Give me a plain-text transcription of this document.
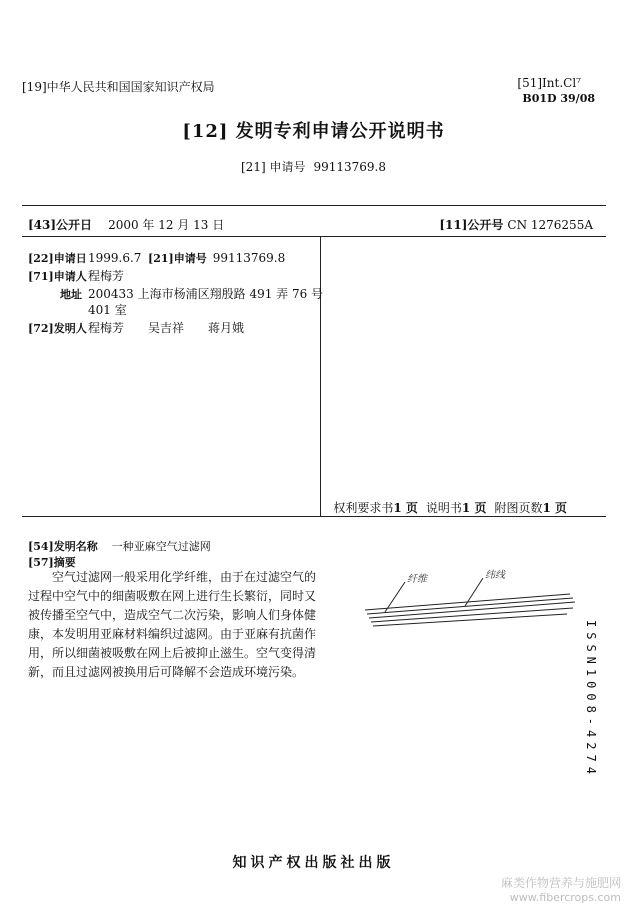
[19]中华人民共和国国家知识产权局	[51]Int.Cl⁷
B01D 39/08
[12] 发明专利申请公开说明书
[21] 申请号 99113769.8
[43]公开日 2000 年 12 月 13 日	[11]公开号 CN 1276255A
[22]申请日1999.6.7 [21]申请号 99113769.8
[71]申请人程梅芳
地址 200433 上海市杨浦区翔殷路 491 弄 76 号
401 室
[72]发明人程梅芳　　吴吉祥　　蒋月娥
权利要求书1 页 说明书1 页 附图页数1 页
[54]发明名称 一种亚麻空气过滤网
[57]摘要
空气过滤网一般采用化学纤维，由于在过滤空气的过程中空气中的细菌吸敷在网上进行生长繁衍，同时又被传播至空气中，造成空气二次污染，影响人们身体健康，本发明用亚麻材料编织过滤网。由于亚麻有抗菌作用，所以细菌被吸敷在网上后被抑止滋生。空气变得清新，而且过滤网被换用后可降解不会造成环境污染。
纤维	纬线
ISSN1008-4274
知识产权出版社出版
麻类作物营养与施肥网
www.fibercrops.com
